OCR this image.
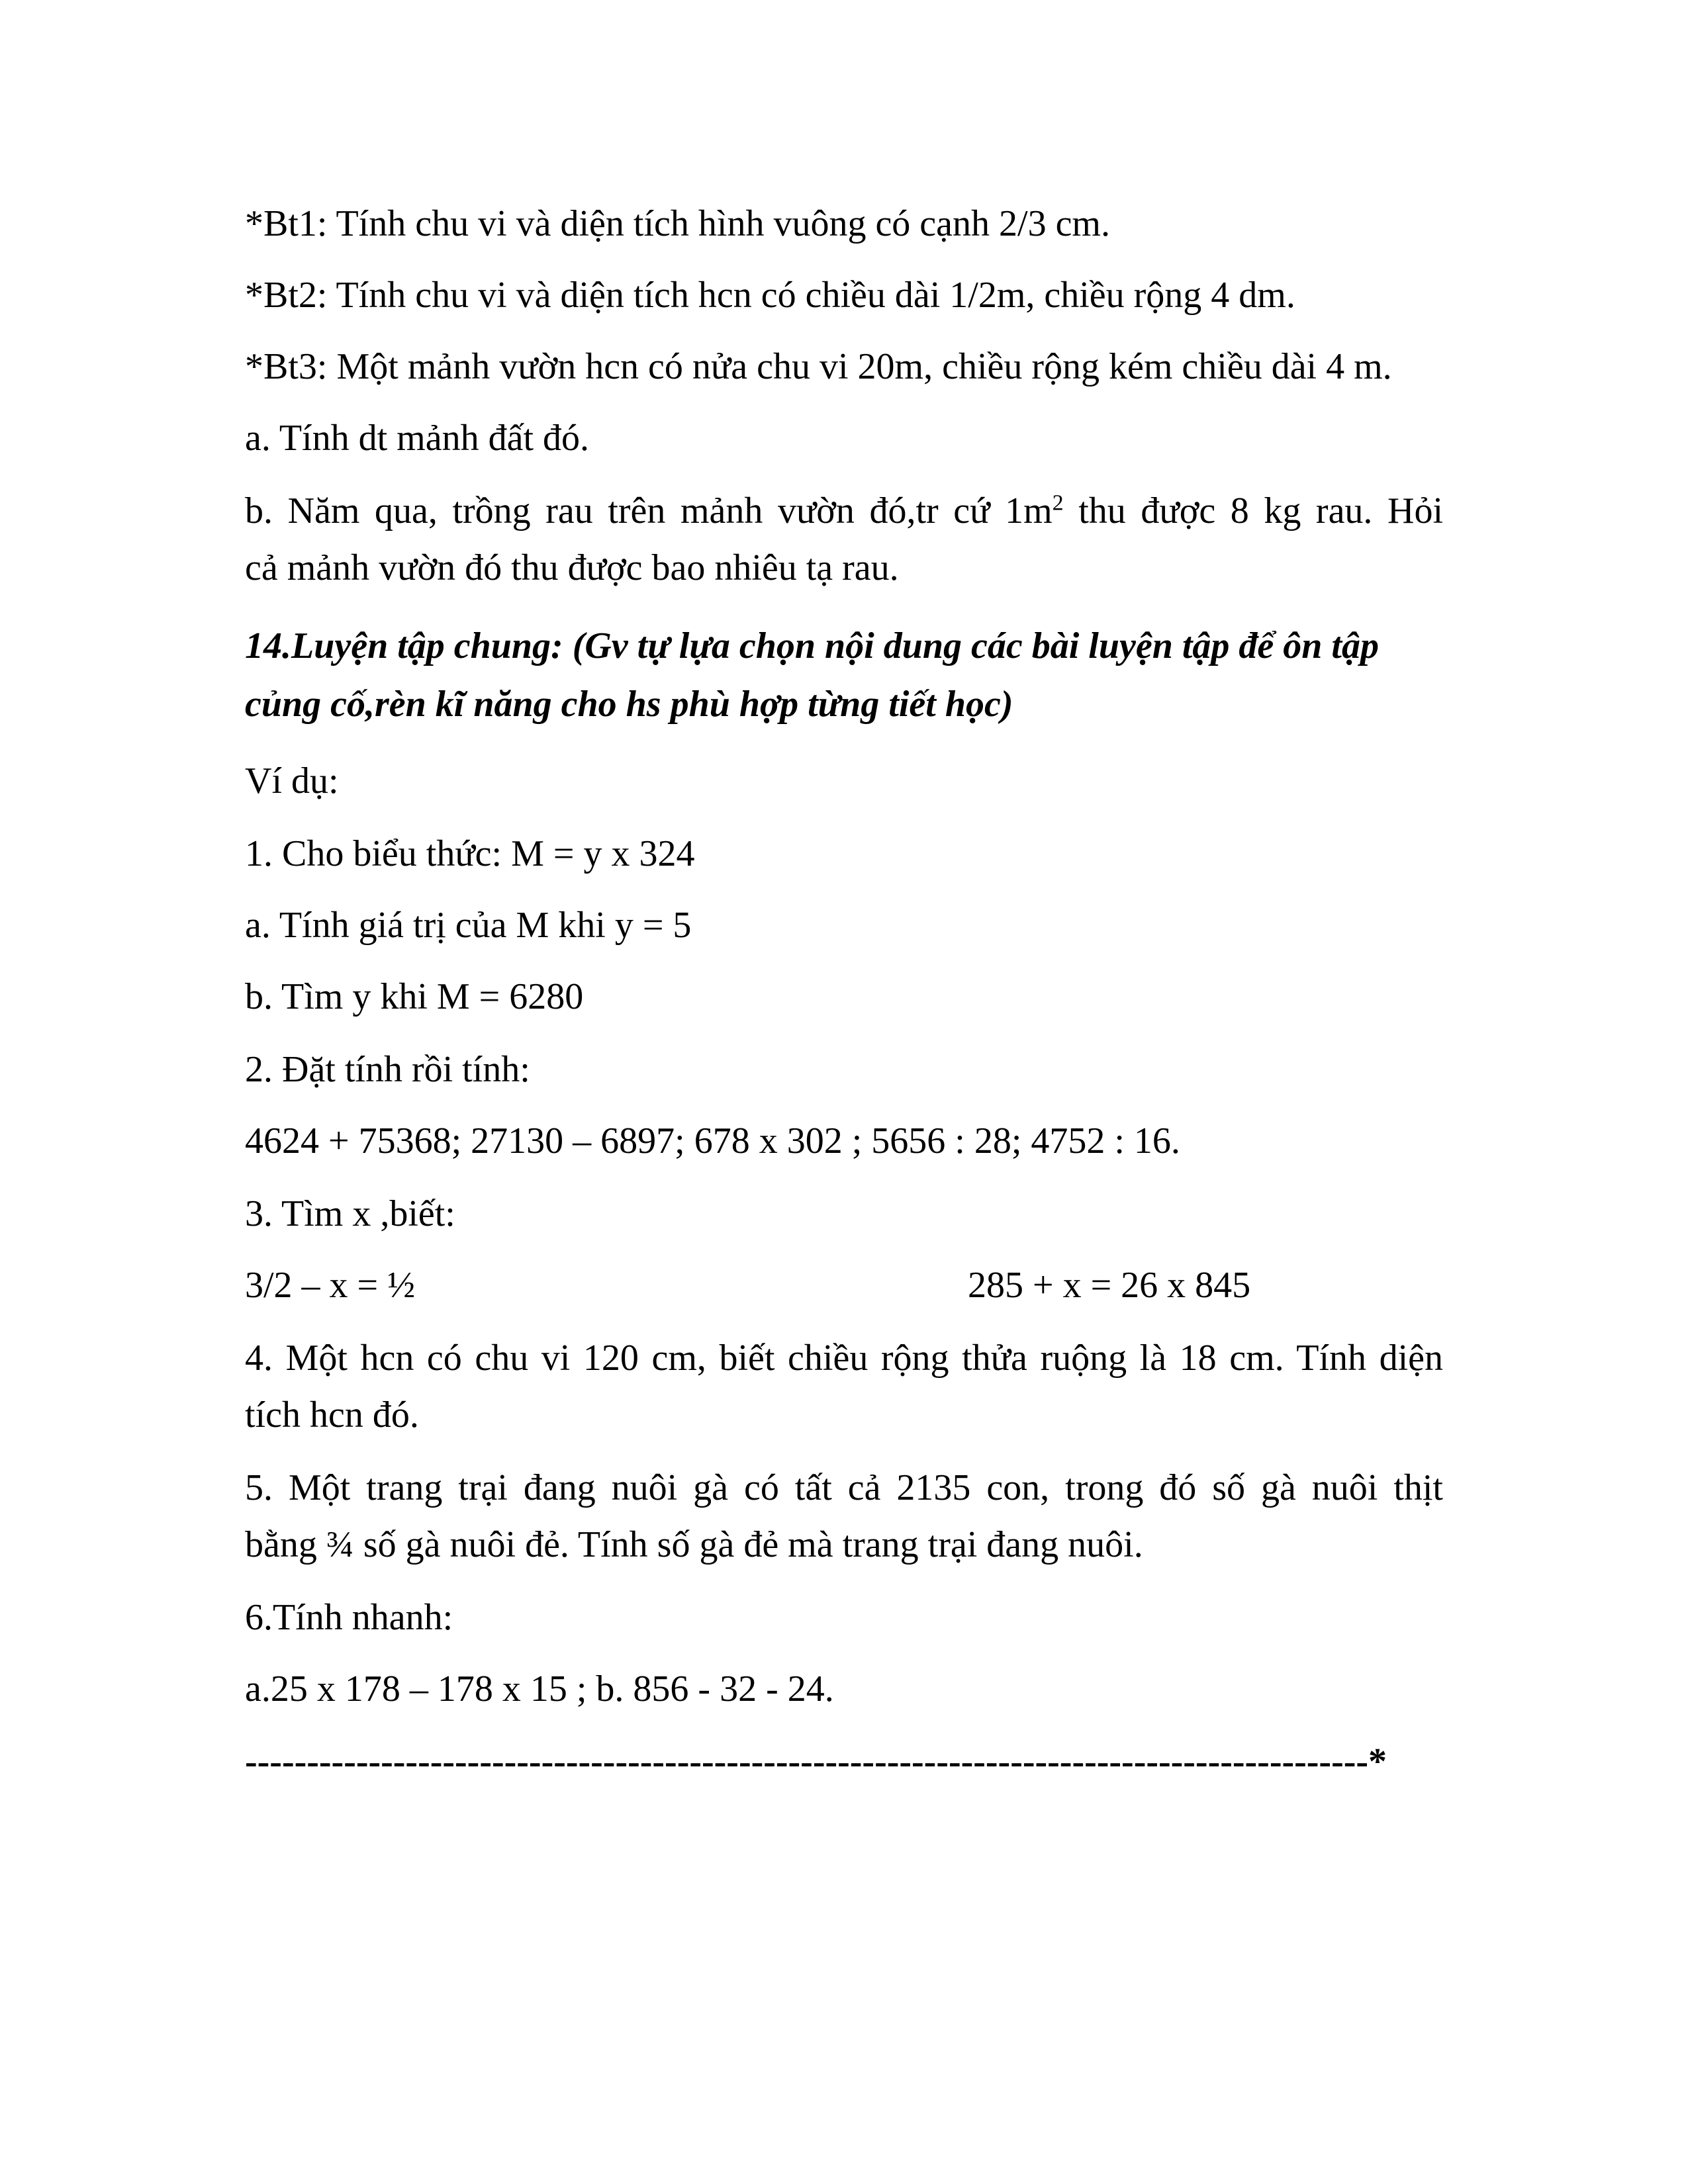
*Bt1: Tính chu vi và diện tích hình vuông có cạnh 2/3 cm.

*Bt2: Tính chu vi và diện tích hcn có chiều dài 1/2m, chiều rộng 4 dm.

*Bt3: Một mảnh vườn hcn có nửa chu vi 20m, chiều rộng kém chiều dài 4 m.

a. Tính dt mảnh đất đó.

b. Năm qua, trồng rau trên mảnh vườn đó,tr cứ $1m^2$ thu được 8 kg rau. Hỏi

cả mảnh vườn đó thu được bao nhiêu tạ rau.

14.Luyện tập chung: (Gv tự lựa chọn nội dung các bài luyện tập để ôn tập

củng cố,rèn kĩ năng cho hs phù hợp từng tiết học)

Ví dụ:

1. Cho biểu thức: M = y x 324

a. Tính giá trị của M khi y = 5

b. Tìm y khi M = 6280

2. Đặt tính rồi tính:

4624 + 75368; 27130 – 6897; 678 x 302 ; 5656 : 28; 4752 : 16.

3. Tìm x ,biết:

3/2 – x = ½	285 + x = 26 x 845

4. Một hcn có chu vi 120 cm, biết chiều rộng thửa ruộng là 18 cm. Tính diện

tích hcn đó.

5. Một trang trại đang nuôi gà có tất cả 2135 con, trong đó số gà nuôi thịt

bằng ¾ số gà nuôi đẻ. Tính số gà đẻ mà trang trại đang nuôi.

6.Tính nhanh:

a.25 x 178 – 178 x 15 ; b. 856 - 32 - 24.

-------------------------------------------------------------------------------------------*
